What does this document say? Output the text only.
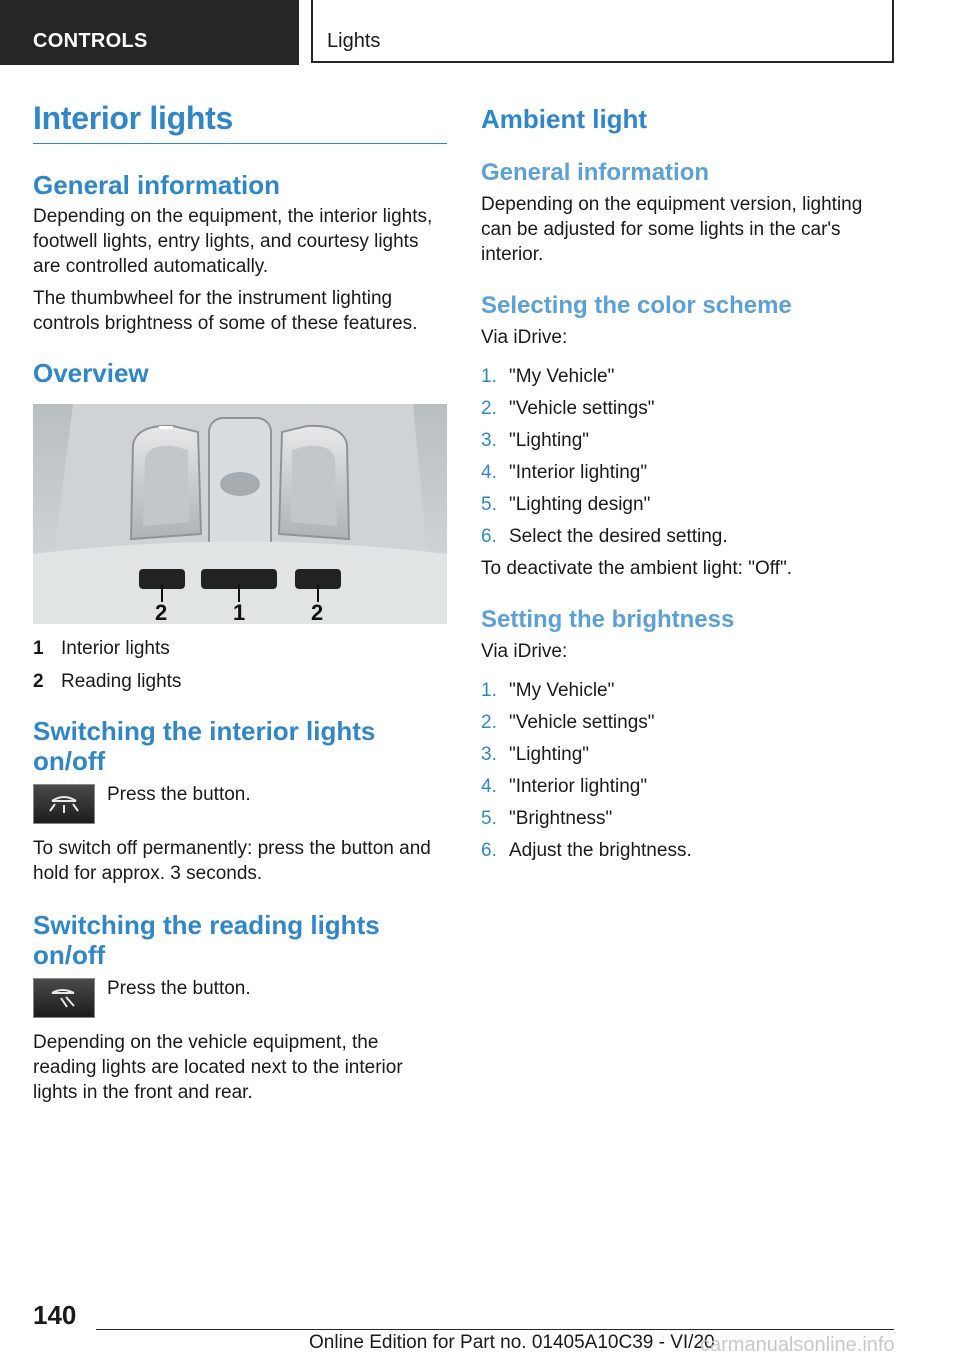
CONTROLS	Lights
Interior lights
General information

Depending on the equipment, the interior lights, footwell lights, entry lights, and courtesy lights are controlled automatically.

The thumbwheel for the instrument lighting controls brightness of some of these features.

Overview
2	1	2
1 Interior lights
2 Reading lights
Switching the interior lights on/off

Press the button.

To switch off permanently: press the button and hold for approx. 3 seconds.

Switching the reading lights on/off

Press the button.

Depending on the vehicle equipment, the reading lights are located next to the interior lights in the front and rear.

Ambient light
General information

Depending on the equipment version, lighting can be adjusted for some lights in the car's interior.

Selecting the color scheme

Via iDrive:

1. "My Vehicle"
2. "Vehicle settings"
3. "Lighting"
4. "Interior lighting"
5. "Lighting design"
6. Select the desired setting.

To deactivate the ambient light: "Off".

Setting the brightness

Via iDrive:

1. "My Vehicle"
2. "Vehicle settings"
3. "Lighting"
4. "Interior lighting"
5. "Brightness"
6. Adjust the brightness.
140
Online Edition for Part no. 01405A10C39 - VI/20
carmanualsonline.info
